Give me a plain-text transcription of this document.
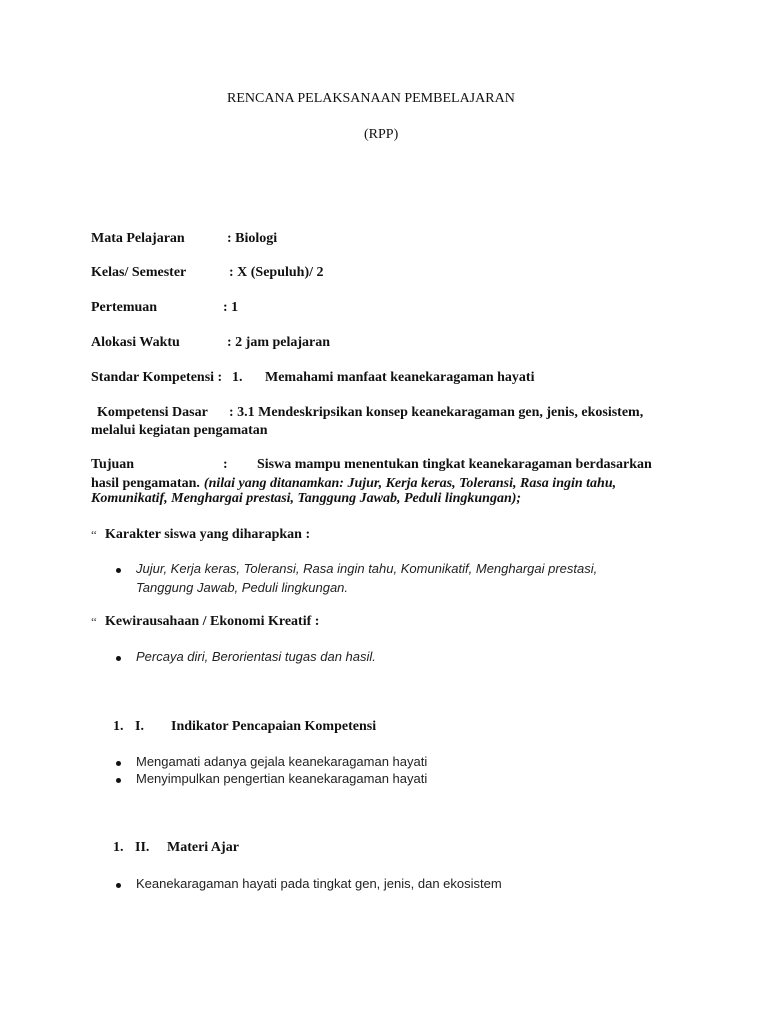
RENCANA PELAKSANAAN PEMBELAJARAN
(RPP)
Mata Pelajaran	: Biologi
Kelas/ Semester	: X (Sepuluh)/ 2
Pertemuan	: 1
Alokasi Waktu	: 2 jam pelajaran
Standar Kompetensi : 1. Memahami manfaat keanekaragaman hayati
Kompetensi Dasar : 3.1 Mendeskripsikan konsep keanekaragaman gen, jenis, ekosistem,
melalui kegiatan pengamatan
Tujuan	: Siswa mampu menentukan tingkat keanekaragaman berdasarkan
hasil pengamatan. (nilai yang ditanamkan: Jujur, Kerja keras, Toleransi, Rasa ingin tahu,
Komunikatif, Menghargai prestasi, Tanggung Jawab, Peduli lingkungan);
“ Karakter siswa yang diharapkan :
Jujur, Kerja keras, Toleransi, Rasa ingin tahu, Komunikatif, Menghargai prestasi,
Tanggung Jawab, Peduli lingkungan.
“ Kewirausahaan / Ekonomi Kreatif :
Percaya diri, Berorientasi tugas dan hasil.
1. I. Indikator Pencapaian Kompetensi
Mengamati adanya gejala keanekaragaman hayati
Menyimpulkan pengertian keanekaragaman hayati
1. II. Materi Ajar
Keanekaragaman hayati pada tingkat gen, jenis, dan ekosistem
